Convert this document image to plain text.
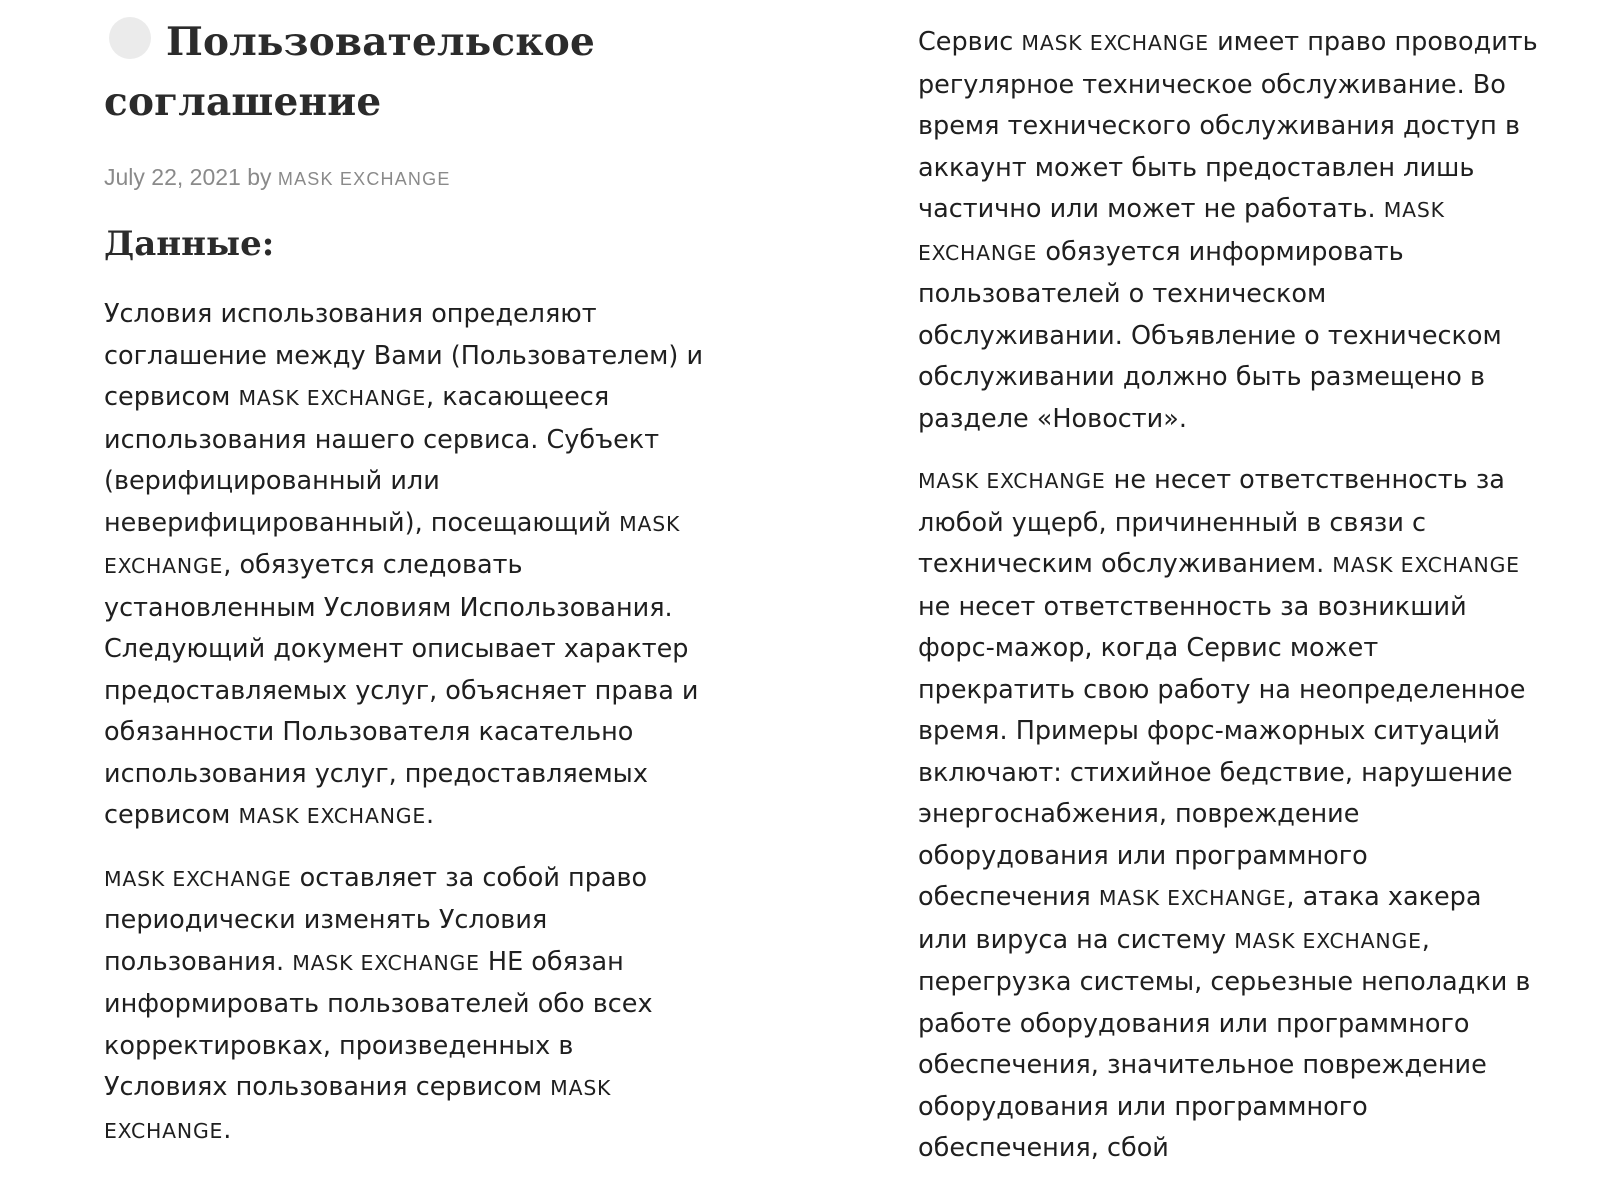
Пользовательское соглашение
July 22, 2021 by MASK EXCHANGE
Данные:

Условия использования определяют соглашение между Вами (Пользователем) и сервисом MASK EXCHANGE, касающееся использования нашего сервиса. Субъект (верифицированный или неверифицированный), посещающий MASK EXCHANGE, обязуется следовать установленным Условиям Использования. Следующий документ описывает характер предоставляемых услуг, объясняет права и обязанности Пользователя касательно использования услуг, предоставляемых сервисом MASK EXCHANGE.

MASK EXCHANGE оставляет за собой право периодически изменять Условия пользования. MASK EXCHANGE НЕ обязан информировать пользователей обо всех корректировках, произведенных в Условиях пользования сервисом MASK EXCHANGE.

Сервис MASK EXCHANGE имеет право проводить регулярное техническое обслуживание. Во время технического обслуживания доступ в аккаунт может быть предоставлен лишь частично или может не работать. MASK EXCHANGE обязуется информировать пользователей о техническом обслуживании. Объявление о техническом обслуживании должно быть размещено в разделе «Новости».

MASK EXCHANGE не несет ответственность за любой ущерб, причиненный в связи с техническим обслуживанием. MASK EXCHANGE не несет ответственность за возникший форс-мажор, когда Сервис может прекратить свою работу на неопределенное время. Примеры форс-мажорных ситуаций включают: стихийное бедствие, нарушение энергоснабжения, повреждение оборудования или программного обеспечения MASK EXCHANGE, атака хакера или вируса на систему MASK EXCHANGE, перегрузка системы, серьезные неполадки в работе оборудования или программного обеспечения, значительное повреждение оборудования или программного обеспечения, сбой
